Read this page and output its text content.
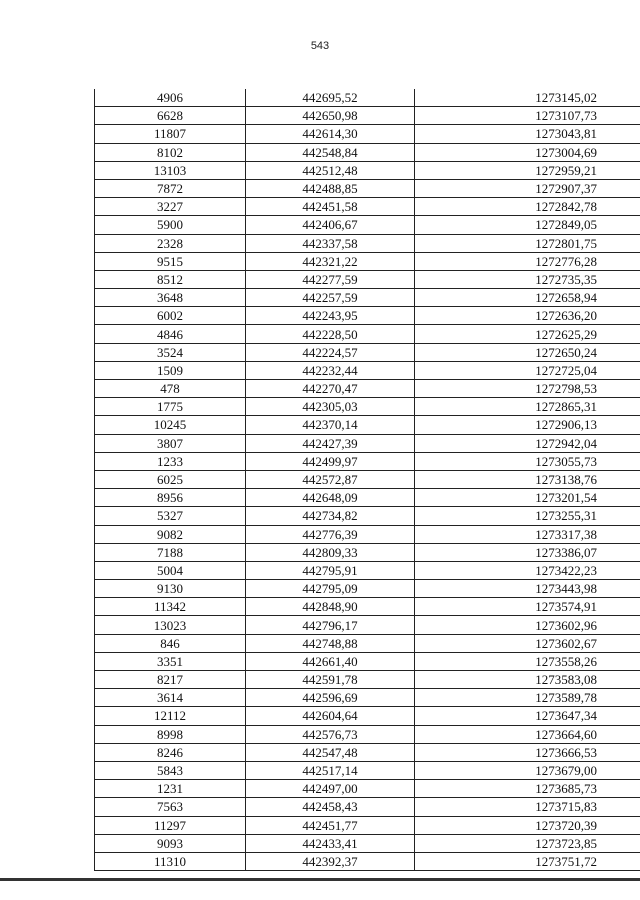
543
4906	442695,52	1273145,02
6628	442650,98	1273107,73
11807	442614,30	1273043,81
8102	442548,84	1273004,69
13103	442512,48	1272959,21
7872	442488,85	1272907,37
3227	442451,58	1272842,78
5900	442406,67	1272849,05
2328	442337,58	1272801,75
9515	442321,22	1272776,28
8512	442277,59	1272735,35
3648	442257,59	1272658,94
6002	442243,95	1272636,20
4846	442228,50	1272625,29
3524	442224,57	1272650,24
1509	442232,44	1272725,04
478	442270,47	1272798,53
1775	442305,03	1272865,31
10245	442370,14	1272906,13
3807	442427,39	1272942,04
1233	442499,97	1273055,73
6025	442572,87	1273138,76
8956	442648,09	1273201,54
5327	442734,82	1273255,31
9082	442776,39	1273317,38
7188	442809,33	1273386,07
5004	442795,91	1273422,23
9130	442795,09	1273443,98
11342	442848,90	1273574,91
13023	442796,17	1273602,96
846	442748,88	1273602,67
3351	442661,40	1273558,26
8217	442591,78	1273583,08
3614	442596,69	1273589,78
12112	442604,64	1273647,34
8998	442576,73	1273664,60
8246	442547,48	1273666,53
5843	442517,14	1273679,00
1231	442497,00	1273685,73
7563	442458,43	1273715,83
11297	442451,77	1273720,39
9093	442433,41	1273723,85
11310	442392,37	1273751,72
